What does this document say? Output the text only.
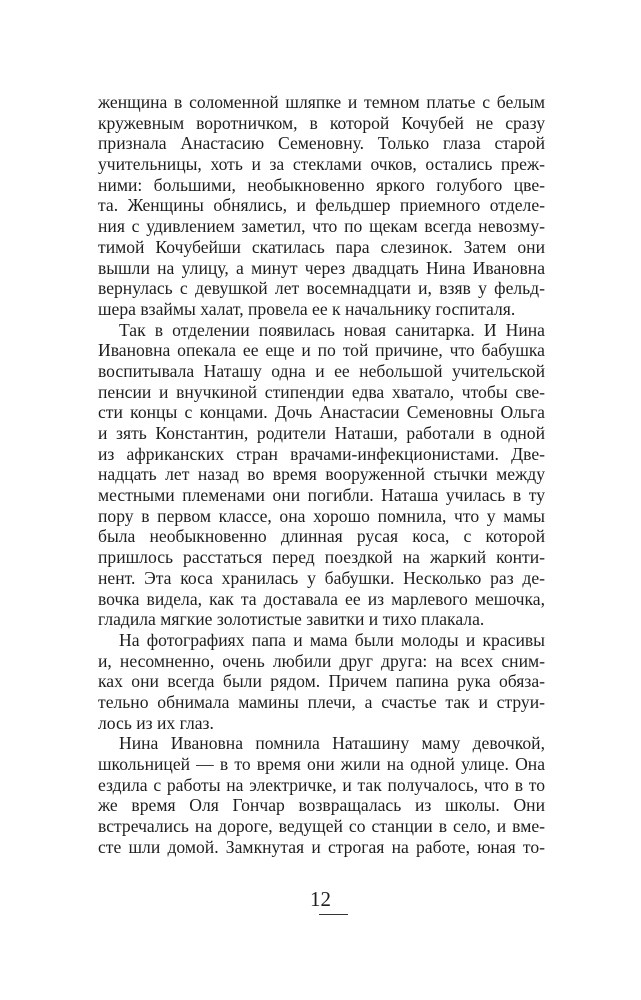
женщина в соломенной шляпке и темном платье с белым
кружевным воротничком, в которой Кочубей не сразу
признала Анастасию Семеновну. Только глаза старой
учительницы, хоть и за стеклами очков, остались преж-
ними: большими, необыкновенно яркого голубого цве-
та. Женщины обнялись, и фельдшер приемного отделе-
ния с удивлением заметил, что по щекам всегда невозму-
тимой Кочубейши скатилась пара слезинок. Затем они
вышли на улицу, а минут через двадцать Нина Ивановна
вернулась с девушкой лет восемнадцати и, взяв у фельд-
шера взаймы халат, провела ее к начальнику госпиталя.
Так в отделении появилась новая санитарка. И Нина
Ивановна опекала ее еще и по той причине, что бабушка
воспитывала Наташу одна и ее небольшой учительской
пенсии и внучкиной стипендии едва хватало, чтобы све-
сти концы с концами. Дочь Анастасии Семеновны Ольга
и зять Константин, родители Наташи, работали в одной
из африканских стран врачами-инфекционистами. Две-
надцать лет назад во время вооруженной стычки между
местными племенами они погибли. Наташа училась в ту
пору в первом классе, она хорошо помнила, что у мамы
была необыкновенно длинная русая коса, с которой
пришлось расстаться перед поездкой на жаркий конти-
нент. Эта коса хранилась у бабушки. Несколько раз де-
вочка видела, как та доставала ее из марлевого мешочка,
гладила мягкие золотистые завитки и тихо плакала.
На фотографиях папа и мама были молоды и красивы
и, несомненно, очень любили друг друга: на всех сним-
ках они всегда были рядом. Причем папина рука обяза-
тельно обнимала мамины плечи, а счастье так и струи-
лось из их глаз.
Нина Ивановна помнила Наташину маму девочкой,
школьницей — в то время они жили на одной улице. Она
ездила с работы на электричке, и так получалось, что в то
же время Оля Гончар возвращалась из школы. Они
встречались на дороге, ведущей со станции в село, и вме-
сте шли домой. Замкнутая и строгая на работе, юная то-
12
